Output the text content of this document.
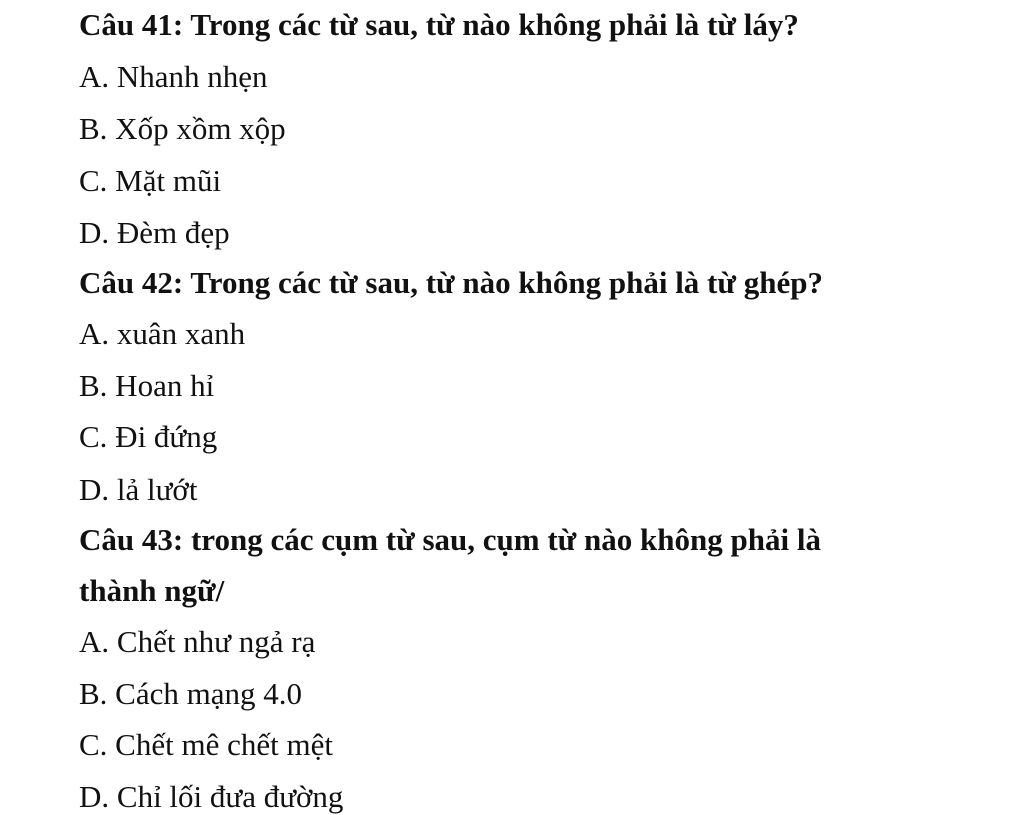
Câu 41: Trong các từ sau, từ nào không phải là từ láy?
A. Nhanh nhẹn
B. Xốp xồm xộp
C. Mặt mũi
D. Đèm đẹp
Câu 42: Trong các từ sau, từ nào không phải là từ ghép?
A. xuân xanh
B. Hoan hỉ
C. Đi đứng
D. lả lướt
Câu 43: trong các cụm từ sau, cụm từ nào không phải là
thành ngữ/
A. Chết như ngả rạ
B. Cách mạng 4.0
C. Chết mê chết mệt
D. Chỉ lối đưa đường
